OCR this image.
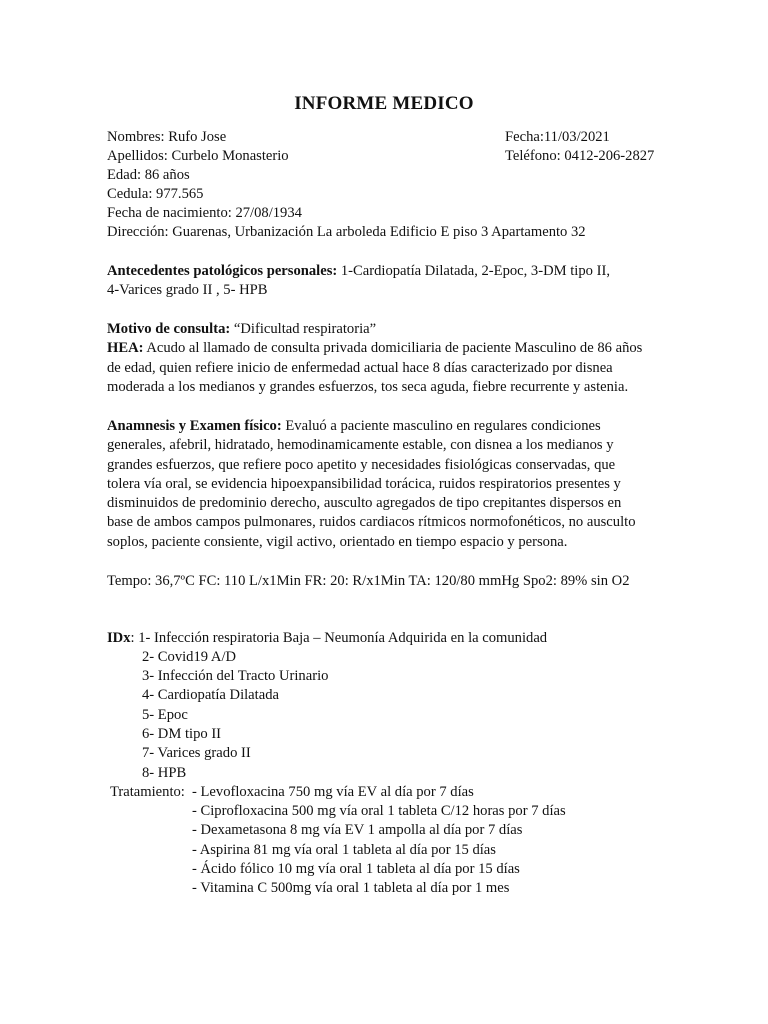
INFORME MEDICO
Nombres: Rufo Jose
Apellidos: Curbelo Monasterio
Edad: 86 años
Cedula: 977.565
Fecha de nacimiento: 27/08/1934
Dirección: Guarenas, Urbanización La arboleda Edificio E piso 3 Apartamento 32
Fecha:11/03/2021
Teléfono: 0412-206-2827
Antecedentes patológicos personales: 1-Cardiopatía Dilatada, 2-Epoc, 3-DM tipo II,
4-Varices grado II , 5- HPB
Motivo de consulta: “Dificultad respiratoria”
HEA: Acudo al llamado de consulta privada domiciliaria de paciente Masculino de 86 años
de edad, quien refiere inicio de enfermedad actual hace 8 días caracterizado por disnea
moderada a los medianos y grandes esfuerzos, tos seca aguda, fiebre recurrente y astenia.
Anamnesis y Examen físico: Evaluó a paciente masculino en regulares condiciones
generales, afebril, hidratado, hemodinamicamente estable, con disnea a los medianos y
grandes esfuerzos, que refiere poco apetito y necesidades fisiológicas conservadas, que
tolera vía oral, se evidencia hipoexpansibilidad torácica, ruidos respiratorios presentes y
disminuidos de predominio derecho, ausculto agregados de tipo crepitantes dispersos en
base de ambos campos pulmonares, ruidos cardiacos rítmicos normofonéticos, no ausculto
soplos, paciente consiente, vigil activo, orientado en tiempo espacio y persona.
Tempo: 36,7ºC FC: 110 L/x1Min FR: 20: R/x1Min TA: 120/80 mmHg Spo2: 89% sin O2
IDx: 1- Infección respiratoria Baja – Neumonía Adquirida en la comunidad
2- Covid19 A/D
3- Infección del Tracto Urinario
4- Cardiopatía Dilatada
5- Epoc
6- DM tipo II
7- Varices grado II
8- HPB
Tratamiento: - Levofloxacina 750 mg vía EV al día por 7 días
- Ciprofloxacina 500 mg vía oral 1 tableta C/12 horas por 7 días
- Dexametasona 8 mg vía EV 1 ampolla al día por 7 días
- Aspirina 81 mg vía oral 1 tableta al día por 15 días
- Ácido fólico 10 mg vía oral 1 tableta al día por 15 días
- Vitamina C 500mg vía oral 1 tableta al día por 1 mes
